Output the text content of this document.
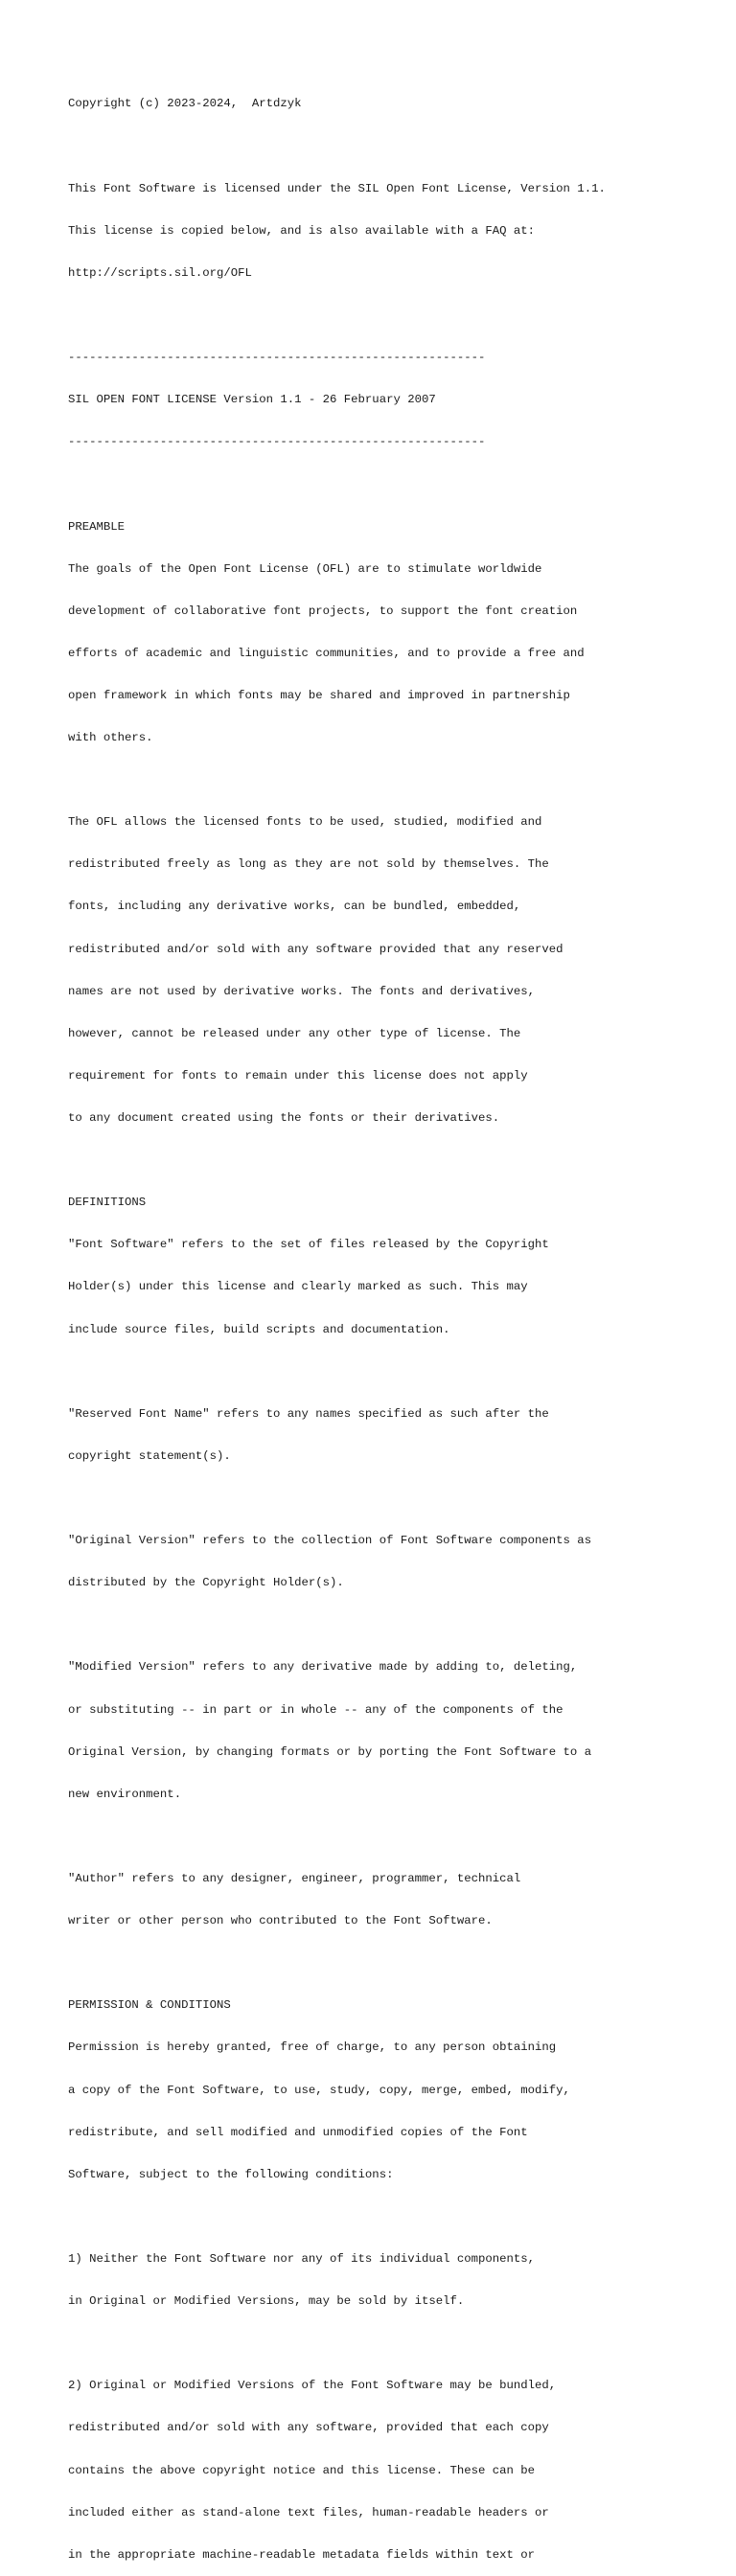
Copyright (c) 2023-2024,  Artdzyk

This Font Software is licensed under the SIL Open Font License, Version 1.1.

This license is copied below, and is also available with a FAQ at:

http://scripts.sil.org/OFL

-----------------------------------------------------------

SIL OPEN FONT LICENSE Version 1.1 - 26 February 2007

-----------------------------------------------------------

PREAMBLE

The goals of the Open Font License (OFL) are to stimulate worldwide

development of collaborative font projects, to support the font creation

efforts of academic and linguistic communities, and to provide a free and

open framework in which fonts may be shared and improved in partnership

with others.

The OFL allows the licensed fonts to be used, studied, modified and

redistributed freely as long as they are not sold by themselves. The

fonts, including any derivative works, can be bundled, embedded,

redistributed and/or sold with any software provided that any reserved

names are not used by derivative works. The fonts and derivatives,

however, cannot be released under any other type of license. The

requirement for fonts to remain under this license does not apply

to any document created using the fonts or their derivatives.

DEFINITIONS

"Font Software" refers to the set of files released by the Copyright

Holder(s) under this license and clearly marked as such. This may

include source files, build scripts and documentation.

"Reserved Font Name" refers to any names specified as such after the

copyright statement(s).

"Original Version" refers to the collection of Font Software components as

distributed by the Copyright Holder(s).

"Modified Version" refers to any derivative made by adding to, deleting,

or substituting -- in part or in whole -- any of the components of the

Original Version, by changing formats or by porting the Font Software to a

new environment.

"Author" refers to any designer, engineer, programmer, technical

writer or other person who contributed to the Font Software.

PERMISSION & CONDITIONS

Permission is hereby granted, free of charge, to any person obtaining

a copy of the Font Software, to use, study, copy, merge, embed, modify,

redistribute, and sell modified and unmodified copies of the Font

Software, subject to the following conditions:

1) Neither the Font Software nor any of its individual components,

in Original or Modified Versions, may be sold by itself.

2) Original or Modified Versions of the Font Software may be bundled,

redistributed and/or sold with any software, provided that each copy

contains the above copyright notice and this license. These can be

included either as stand-alone text files, human-readable headers or

in the appropriate machine-readable metadata fields within text or
